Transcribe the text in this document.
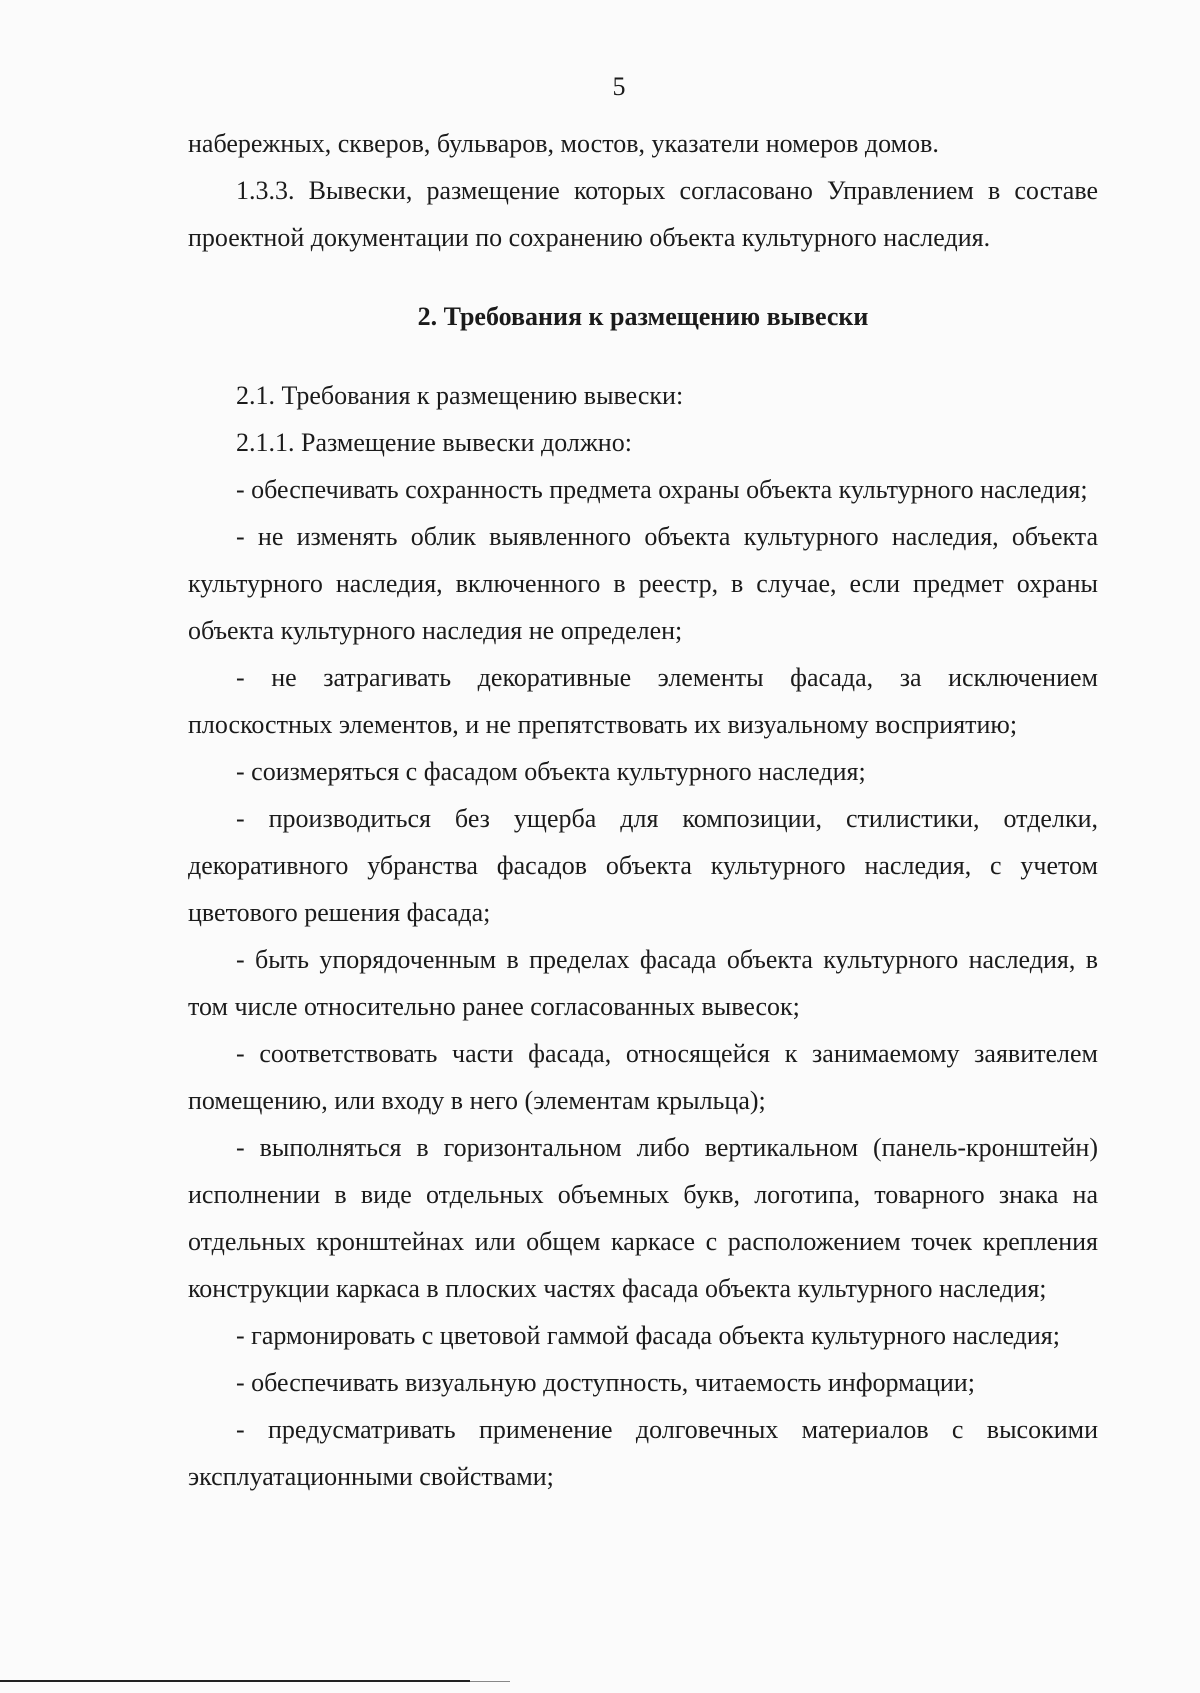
5

набережных, скверов, бульваров, мостов, указатели номеров домов.

1.3.3. Вывески, размещение которых согласовано Управлением в составе проектной документации по сохранению объекта культурного наследия.

2. Требования к размещению вывески

2.1. Требования к размещению вывески:

2.1.1. Размещение вывески должно:

- обеспечивать сохранность предмета охраны объекта культурного наследия;

- не изменять облик выявленного объекта культурного наследия, объекта культурного наследия, включенного в реестр, в случае, если предмет охраны объекта культурного наследия не определен;

- не затрагивать декоративные элементы фасада, за исключением плоскостных элементов, и не препятствовать их визуальному восприятию;

- соизмеряться с фасадом объекта культурного наследия;

- производиться без ущерба для композиции, стилистики, отделки, декоративного убранства фасадов объекта культурного наследия, с учетом цветового решения фасада;

- быть упорядоченным в пределах фасада объекта культурного наследия, в том числе относительно ранее согласованных вывесок;

- соответствовать части фасада, относящейся к занимаемому заявителем помещению, или входу в него (элементам крыльца);

- выполняться в горизонтальном либо вертикальном (панель-кронштейн) исполнении в виде отдельных объемных букв, логотипа, товарного знака на отдельных кронштейнах или общем каркасе с расположением точек крепления конструкции каркаса в плоских частях фасада объекта культурного наследия;

- гармонировать с цветовой гаммой фасада объекта культурного наследия;

- обеспечивать визуальную доступность, читаемость информации;

- предусматривать применение долговечных материалов с высокими эксплуатационными свойствами;
